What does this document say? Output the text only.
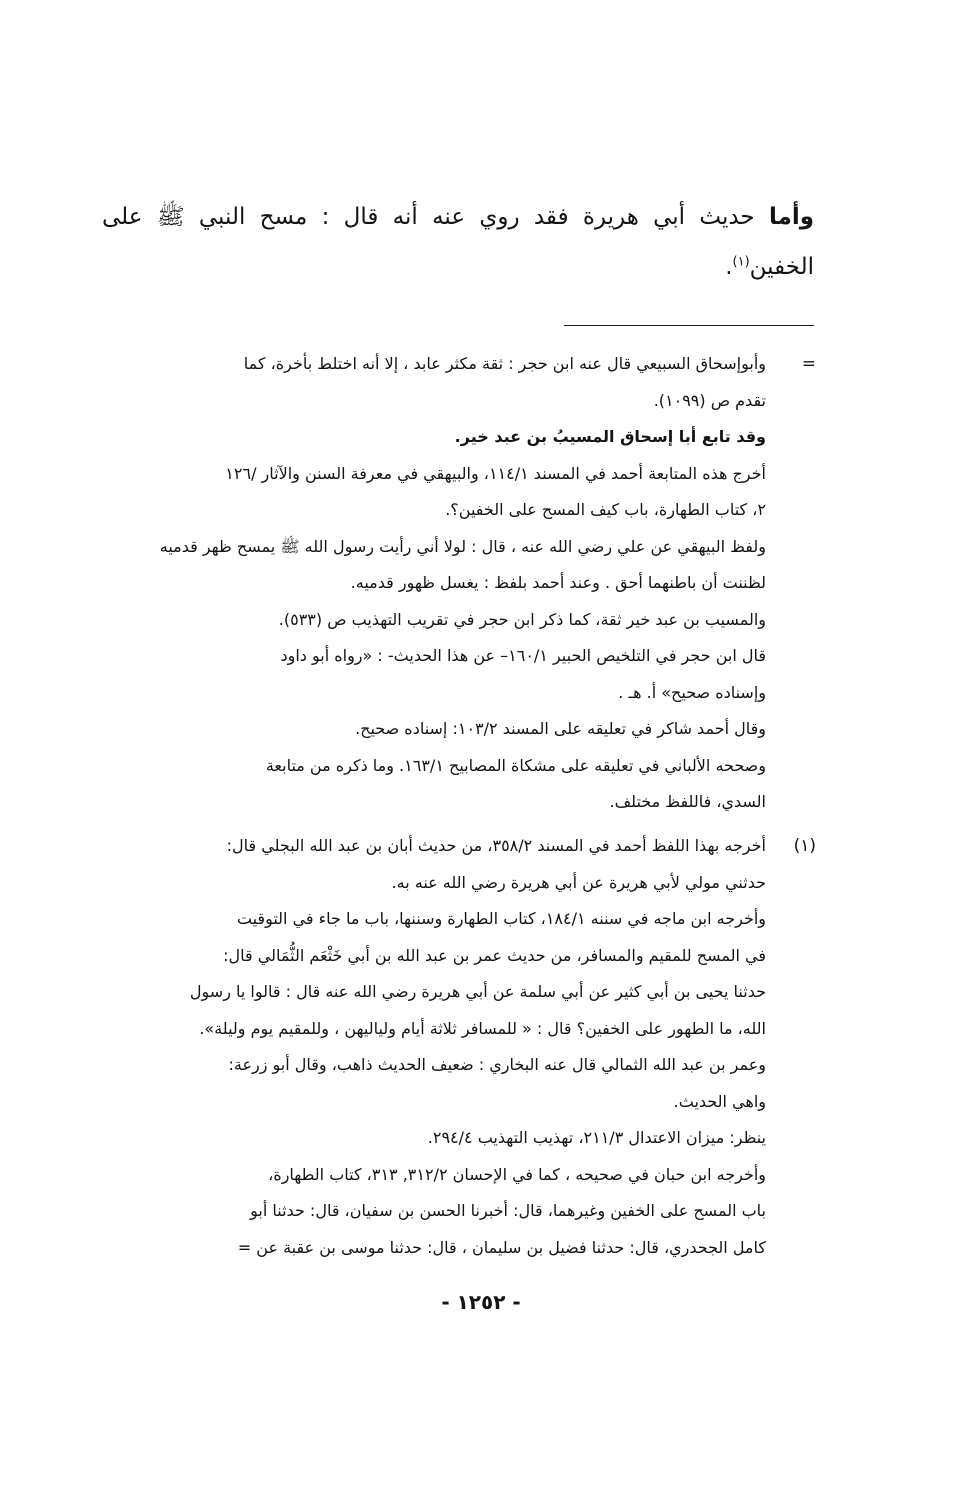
وأما حديث أبي هريرة فقد روي عنه أنه قال : مسح النبي ﷺ على الخفين$^{(١)}$.
=
وأبوإسحاق السبيعي قال عنه ابن حجر : ثقة مكثر عابد ، إلا أنه اختلط بأخرة، كما
تقدم ص (١٠٩٩).
وقد تابع أبا إسحاق المسيبُ بن عبد خير.
أخرج هذه المتابعة أحمد في المسند ١١٤/١، والبيهقي في معرفة السنن والآثار /١٢٦
٢، كتاب الطهارة، باب كيف المسح على الخفين؟.
ولفظ البيهقي عن علي رضي الله عنه ، قال : لولا أني رأيت رسول الله ﷺ يمسح ظهر قدميه
لظننت أن باطنهما أحق . وعند أحمد بلفظ : يغسل ظهور قدميه.
والمسيب بن عبد خير ثقة، كما ذكر ابن حجر في تقريب التهذيب ص (٥٣٣).
قال ابن حجر في التلخيص الحبير ١٦٠/١– عن هذا الحديث- : «رواه أبو داود
وإسناده صحيح» أ. هـ .
وقال أحمد شاكر في تعليقه على المسند ١٠٣/٢: إسناده صحيح.
وصححه الألباني في تعليقه على مشكاة المصابيح ١٦٣/١. وما ذكره من متابعة
السدي، فاللفظ مختلف.
(١)
أخرجه بهذا اللفظ أحمد في المسند ٣٥٨/٢، من حديث أبان بن عبد الله البجلي قال:
حدثني مولي لأبي هريرة عن أبي هريرة رضي الله عنه به.
وأخرجه ابن ماجه في سننه ١٨٤/١، كتاب الطهارة وسننها، باب ما جاء في التوقيت
في المسح للمقيم والمسافر، من حديث عمر بن عبد الله بن أبي خَثْعَم الثُّمَالي قال:
حدثنا يحيى بن أبي كثير عن أبي سلمة عن أبي هريرة رضي الله عنه قال : قالوا يا رسول
الله، ما الطهور على الخفين؟ قال : « للمسافر ثلاثة أيام ولياليهن ، وللمقيم يوم وليلة».
وعمر بن عبد الله الثمالي قال عنه البخاري : ضعيف الحديث ذاهب، وقال أبو زرعة:
واهي الحديث.
ينظر: ميزان الاعتدال ٢١١/٣، تهذيب التهذيب ٢٩٤/٤.
وأخرجه ابن حبان في صحيحه ، كما في الإحسان ٣١٢/٢, ٣١٣، كتاب الطهارة،
باب المسح على الخفين وغيرهما، قال: أخبرنا الحسن بن سفيان، قال: حدثنا أبو
كامل الجحدري، قال: حدثنا فضيل بن سليمان ، قال: حدثنا موسى بن عقبة عن =
- ١٢٥٢ -
